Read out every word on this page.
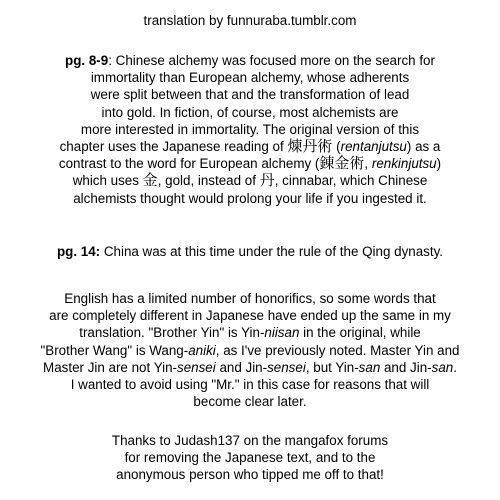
translation by funnuraba.tumblr.com
pg. 8-9: Chinese alchemy was focused more on the search for
immortality than European alchemy, whose adherents
were split between that and the transformation of lead
into gold. In fiction, of course, most alchemists are
more interested in immortality. The original version of this
chapter uses the Japanese reading of 煉丹術 (rentanjutsu) as a
contrast to the word for European alchemy (錬金術, renkinjutsu)
which uses 金, gold, instead of 丹, cinnabar, which Chinese
alchemists thought would prolong your life if you ingested it.
pg. 14: China was at this time under the rule of the Qing dynasty.
English has a limited number of honorifics, so some words that
are completely different in Japanese have ended up the same in my
translation. "Brother Yin" is Yin-niisan in the original, while
"Brother Wang" is Wang-aniki, as I've previously noted. Master Yin and
Master Jin are not Yin-sensei and Jin-sensei, but Yin-san and Jin-san.
I wanted to avoid using "Mr." in this case for reasons that will
become clear later.
Thanks to Judash137 on the mangafox forums
for removing the Japanese text, and to the
anonymous person who tipped me off to that!
